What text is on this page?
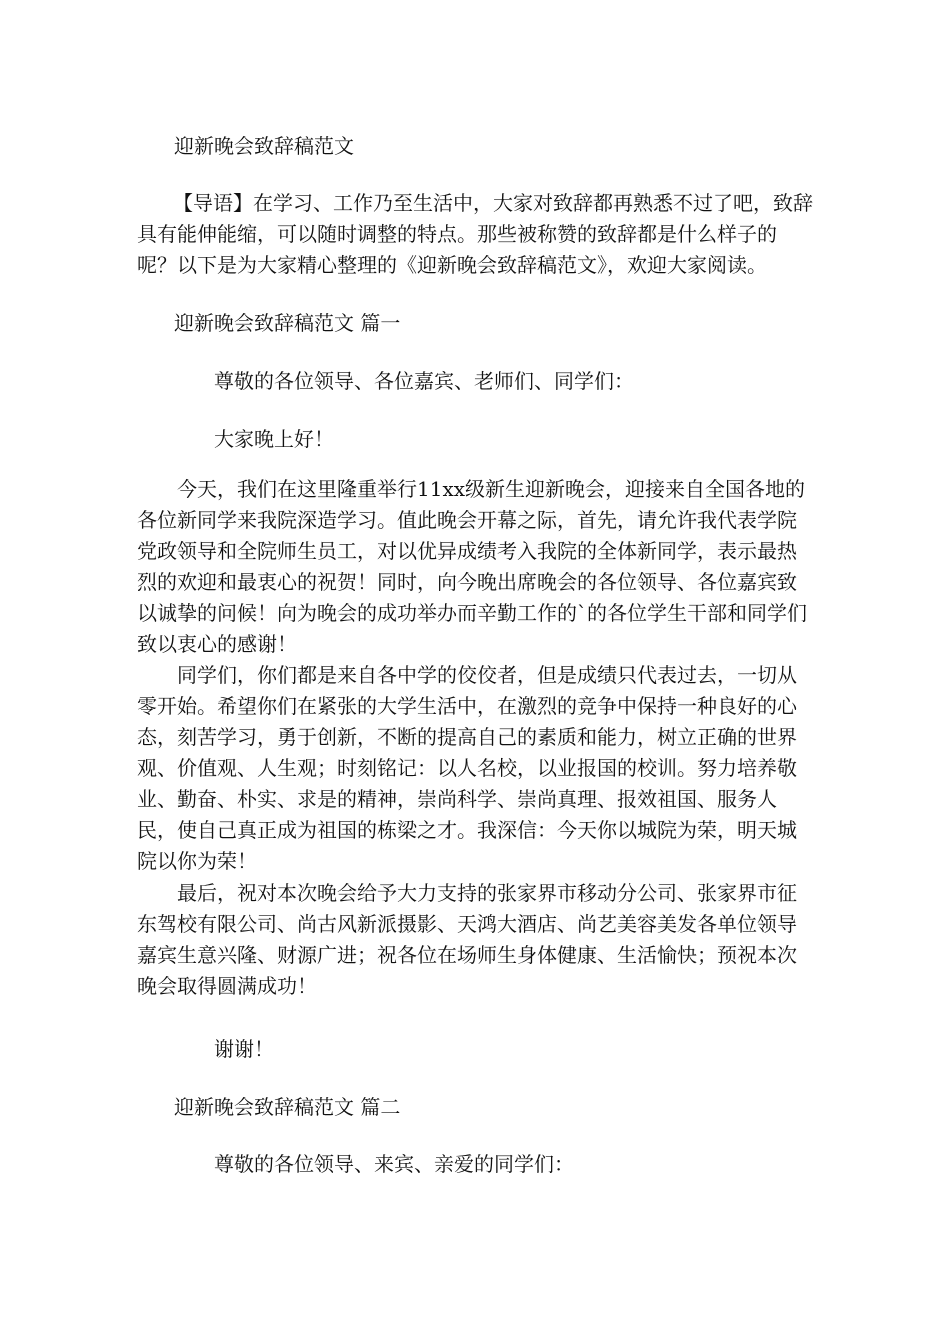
迎新晚会致辞稿范文

【导语】在学习、工作乃至生活中，大家对致辞都再熟悉不过了吧，致辞具有能伸能缩，可以随时调整的特点。那些被称赞的致辞都是什么样子的呢？以下是为大家精心整理的《迎新晚会致辞稿范文》，欢迎大家阅读。

迎新晚会致辞稿范文 篇一

尊敬的各位领导、各位嘉宾、老师们、同学们：

大家晚上好！

今天，我们在这里隆重举行11xx级新生迎新晚会，迎接来自全国各地的各位新同学来我院深造学习。值此晚会开幕之际，首先，请允许我代表学院党政领导和全院师生员工，对以优异成绩考入我院的全体新同学，表示最热烈的欢迎和最衷心的祝贺！同时，向今晚出席晚会的各位领导、各位嘉宾致以诚挚的问候！向为晚会的成功举办而辛勤工作的`的各位学生干部和同学们致以衷心的感谢！

同学们，你们都是来自各中学的佼佼者，但是成绩只代表过去，一切从零开始。希望你们在紧张的大学生活中，在激烈的竞争中保持一种良好的心态，刻苦学习，勇于创新，不断的提高自己的素质和能力，树立正确的世界观、价值观、人生观；时刻铭记：以人名校，以业报国的校训。努力培养敬业、勤奋、朴实、求是的精神，崇尚科学、崇尚真理、报效祖国、服务人民，使自己真正成为祖国的栋梁之才。我深信：今天你以城院为荣，明天城院以你为荣！

最后，祝对本次晚会给予大力支持的张家界市移动分公司、张家界市征东驾校有限公司、尚古风新派摄影、天鸿大酒店、尚艺美容美发各单位领导嘉宾生意兴隆、财源广进；祝各位在场师生身体健康、生活愉快；预祝本次晚会取得圆满成功！

谢谢！

迎新晚会致辞稿范文 篇二

尊敬的各位领导、来宾、亲爱的同学们：
